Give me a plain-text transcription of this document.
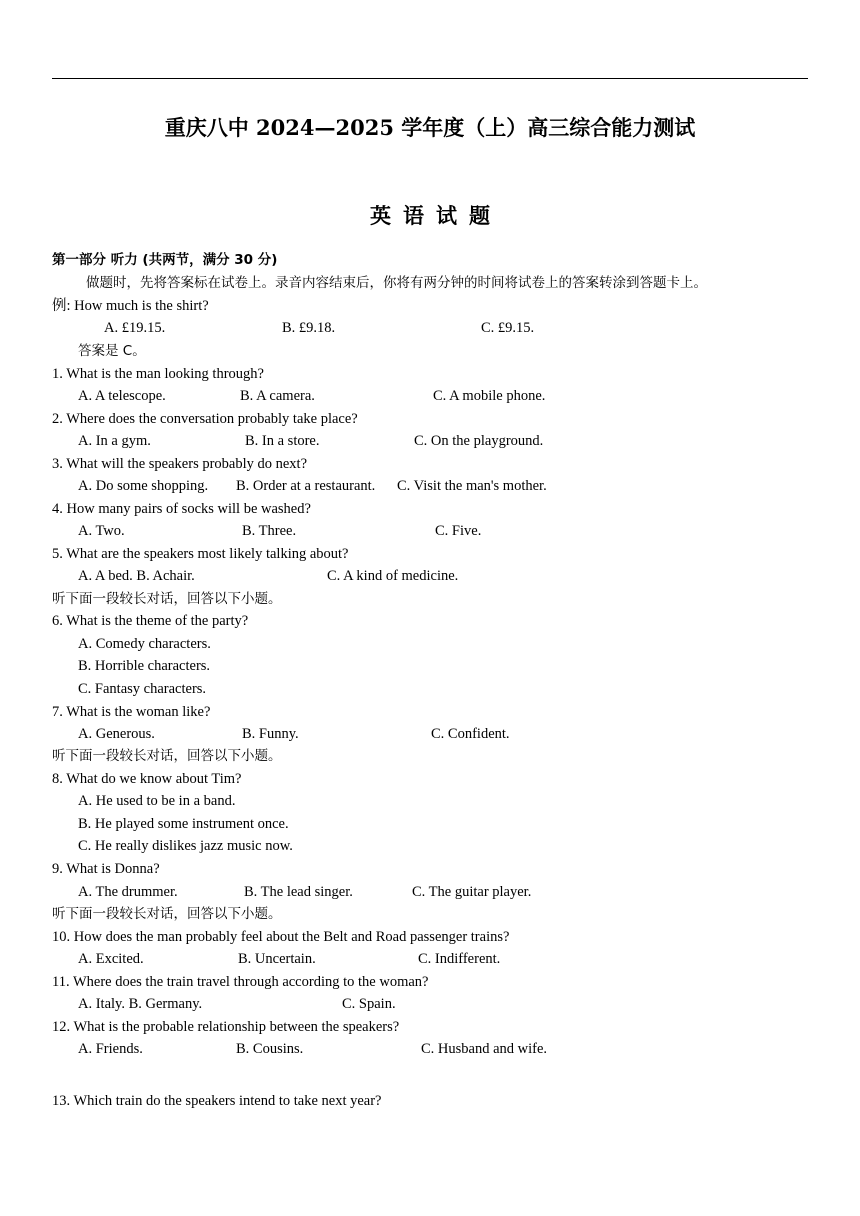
重庆八中 2024—2025 学年度（上）高三综合能力测试
英语试题
第一部分 听力 (共两节，满分 30 分)
做题时，先将答案标在试卷上。录音内容结束后，你将有两分钟的时间将试卷上的答案转涂到答题卡上。
例: How much is the shirt?
A. £19.15.	B. £9.18.	C. £9.15.
答案是 C。
1. What is the man looking through?
A. A telescope.	B. A camera.	C. A mobile phone.
2. Where does the conversation probably take place?
A. In a gym.	B. In a store.	C. On the playground.
3. What will the speakers probably do next?
A. Do some shopping. B. Order at a restaurant. C. Visit the man's mother.
4. How many pairs of socks will be washed?
A. Two.	B. Three.	C. Five.
5. What are the speakers most likely talking about?
A. A bed. B. Achair.	C. A kind of medicine.
听下面一段较长对话，回答以下小题。
6. What is the theme of the party?
A. Comedy characters.
B. Horrible characters.
C. Fantasy characters.
7. What is the woman like?
A. Generous.	B. Funny.	C. Confident.
听下面一段较长对话，回答以下小题。
8. What do we know about Tim?
A. He used to be in a band.
B. He played some instrument once.
C. He really dislikes jazz music now.
9. What is Donna?
A. The drummer.	B. The lead singer.	C. The guitar player.
听下面一段较长对话，回答以下小题。
10. How does the man probably feel about the Belt and Road passenger trains?
A. Excited.	B. Uncertain.	C. Indifferent.
11. Where does the train travel through according to the woman?
A. Italy. B. Germany.	C. Spain.
12. What is the probable relationship between the speakers?
A. Friends.	B. Cousins.	C. Husband and wife.
13. Which train do the speakers intend to take next year?
